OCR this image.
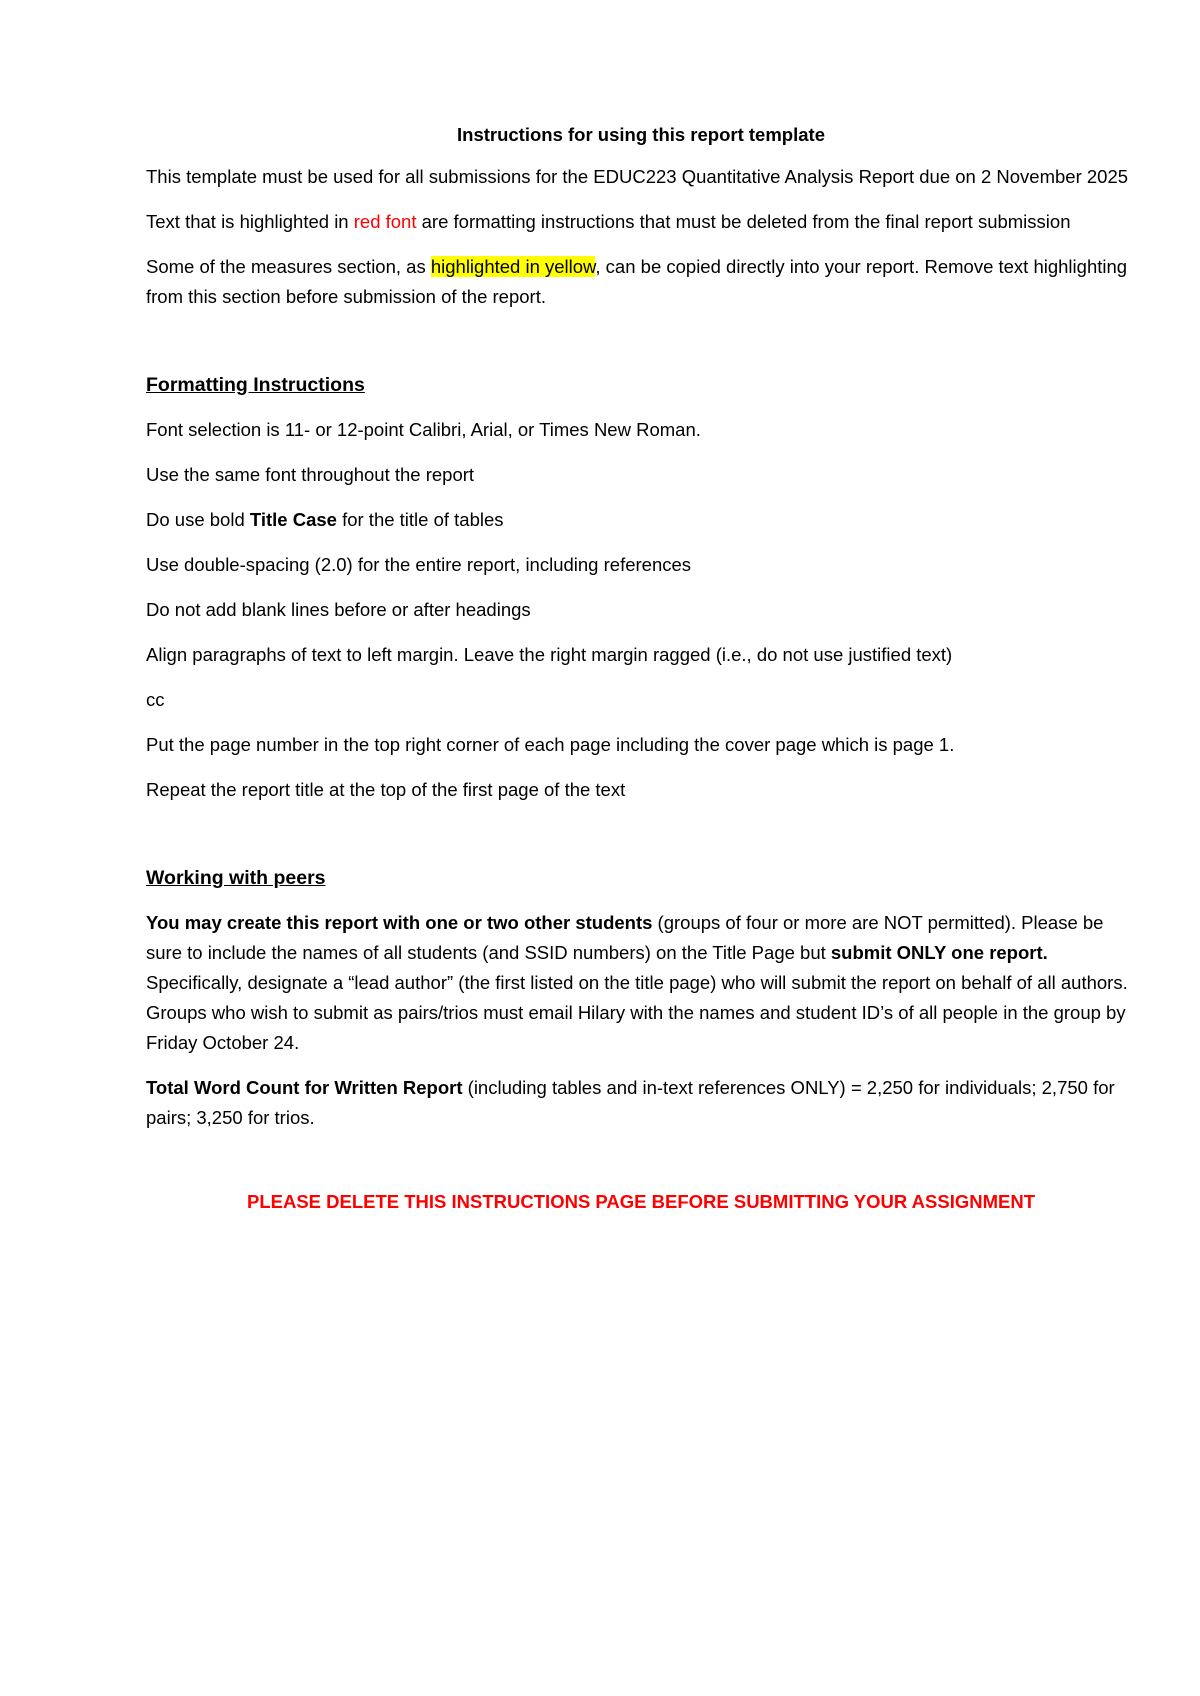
Instructions for using this report template

This template must be used for all submissions for the EDUC223 Quantitative Analysis Report due on 2 November 2025

Text that is highlighted in red font are formatting instructions that must be deleted from the final report submission

Some of the measures section, as highlighted in yellow, can be copied directly into your report. Remove text highlighting from this section before submission of the report.

Formatting Instructions

Font selection is 11- or 12-point Calibri, Arial, or Times New Roman.

Use the same font throughout the report

Do use bold Title Case for the title of tables

Use double-spacing (2.0) for the entire report, including references

Do not add blank lines before or after headings

Align paragraphs of text to left margin. Leave the right margin ragged (i.e., do not use justified text)

cc

Put the page number in the top right corner of each page including the cover page which is page 1.

Repeat the report title at the top of the first page of the text

Working with peers

You may create this report with one or two other students (groups of four or more are NOT permitted). Please be sure to include the names of all students (and SSID numbers) on the Title Page but submit ONLY one report. Specifically, designate a “lead author” (the first listed on the title page) who will submit the report on behalf of all authors. Groups who wish to submit as pairs/trios must email Hilary with the names and student ID’s of all people in the group by Friday October 24.

Total Word Count for Written Report (including tables and in-text references ONLY) = 2,250 for individuals; 2,750 for pairs; 3,250 for trios.

PLEASE DELETE THIS INSTRUCTIONS PAGE BEFORE SUBMITTING YOUR ASSIGNMENT
